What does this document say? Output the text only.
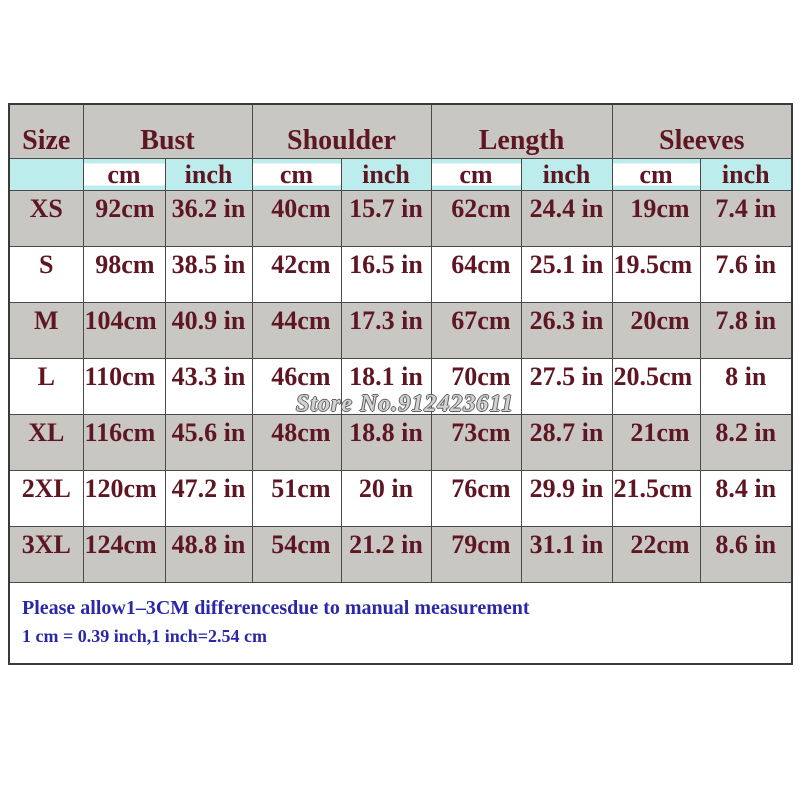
Size	Bust		Shoulder		Length		Sleeves	
	cm	inch	cm	inch	cm	inch	cm	inch
XS	92cm	36.2 in	40cm	15.7 in	62cm	24.4 in	19cm	7.4 in
S	98cm	38.5 in	42cm	16.5 in	64cm	25.1 in	19.5cm	7.6 in
M	104cm	40.9 in	44cm	17.3 in	67cm	26.3 in	20cm	7.8 in
L	110cm	43.3 in	46cm	18.1 in	70cm	27.5 in	20.5cm	8 in
XL	116cm	45.6 in	48cm	18.8 in	73cm	28.7 in	21cm	8.2 in
2XL	120cm	47.2 in	51cm	20 in	76cm	29.9 in	21.5cm	8.4 in
3XL	124cm	48.8 in	54cm	21.2 in	79cm	31.1 in	22cm	8.6 in

Please allow1–3CM differencesdue to manual measurement
1 cm = 0.39 inch,1 inch=2.54 cm								
Store No.912423611
